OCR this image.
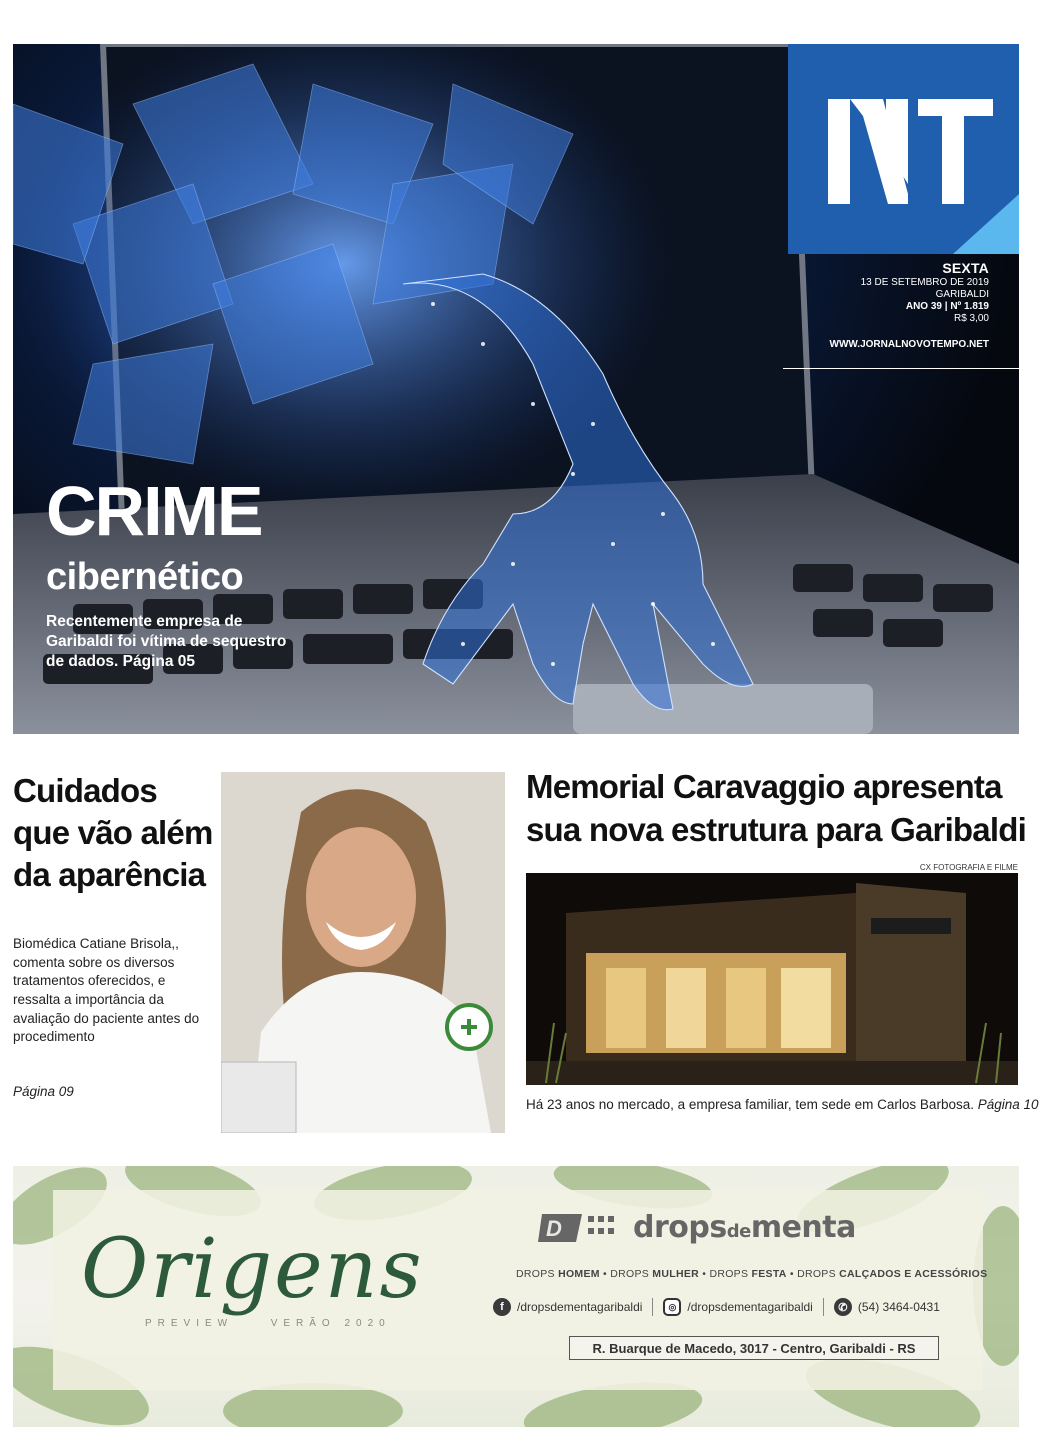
SEXTA
13 DE SETEMBRO DE 2019
GARIBALDI
ANO 39 | Nº 1.819
R$ 3,00
WWW.JORNALNOVOTEMPO.NET
CRIME
cibernético
Recentemente empresa de Garibaldi foi vítima de sequestro de dados. Página 05
Cuidados que vão além da aparência
Biomédica Catiane Brisola,, comenta sobre os diversos tratamentos oferecidos, e ressalta a importância da avaliação do paciente antes do procedimento
Página 09
Memorial Caravaggio apresenta sua nova estrutura para Garibaldi
CX FOTOGRAFIA E FILME
Há 23 anos no mercado, a empresa familiar, tem sede em Carlos Barbosa. Página 10
Origens
PREVIEW	VERÃO 2020
D dropsdementa
DROPS HOMEM • DROPS MULHER • DROPS FESTA • DROPS CALÇADOS E ACESSÓRIOS
f	/dropsdementagaribaldi	◎ /dropsdementagaribaldi	✆ (54) 3464-0431
R. Buarque de Macedo, 3017 - Centro, Garibaldi - RS
